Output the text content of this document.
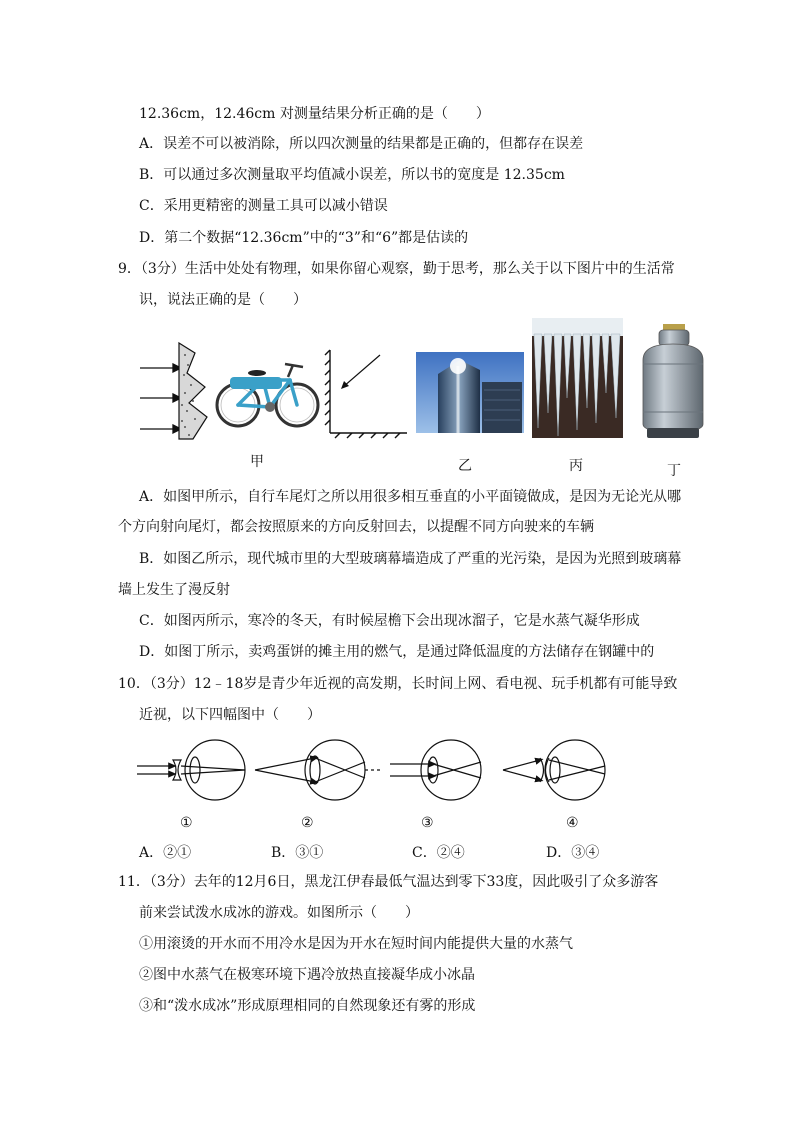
12.36cm，12.46cm 对测量结果分析正确的是（　　）
A．误差不可以被消除，所以四次测量的结果都是正确的，但都存在误差
B．可以通过多次测量取平均值减小误差，所以书的宽度是 12.35cm
C．采用更精密的测量工具可以减小错误
D．第二个数据“12.36cm”中的“3”和“6”都是估读的
9．（3分）生活中处处有物理，如果你留心观察，勤于思考，那么关于以下图片中的生活常
识，说法正确的是（　　）
甲	乙	丙	丁
A．如图甲所示，自行车尾灯之所以用很多相互垂直的小平面镜做成，是因为无论光从哪
个方向射向尾灯，都会按照原来的方向反射回去，以提醒不同方向驶来的车辆
B．如图乙所示，现代城市里的大型玻璃幕墙造成了严重的光污染，是因为光照到玻璃幕
墙上发生了漫反射
C．如图丙所示，寒冷的冬天，有时候屋檐下会出现冰溜子，它是水蒸气凝华形成
D．如图丁所示，卖鸡蛋饼的摊主用的燃气，是通过降低温度的方法储存在钢罐中的
10．（3分）12﹣18岁是青少年近视的高发期，长时间上网、看电视、玩手机都有可能导致
近视，以下四幅图中（　　）
①	②	③	④
A．②①	B．③①	C．②④	D．③④
11．（3分）去年的12月6日，黑龙江伊春最低气温达到零下33度，因此吸引了众多游客
前来尝试泼水成冰的游戏。如图所示（　　）
①用滚烫的开水而不用冷水是因为开水在短时间内能提供大量的水蒸气
②图中水蒸气在极寒环境下遇冷放热直接凝华成小冰晶
③和“泼水成冰”形成原理相同的自然现象还有雾的形成
